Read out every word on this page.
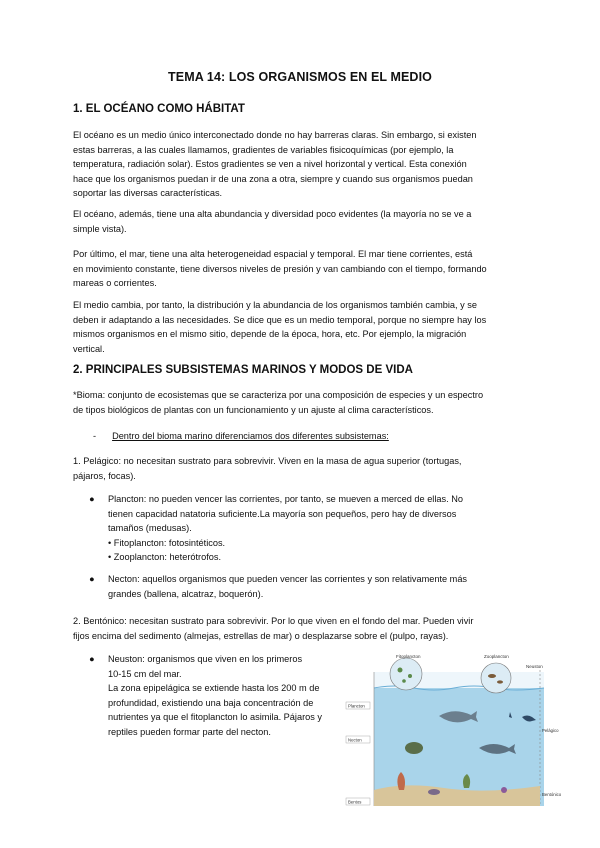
TEMA 14: LOS ORGANISMOS EN EL MEDIO
1. EL OCÉANO COMO HÁBITAT
El océano es un medio único interconectado donde no hay barreras claras. Sin embargo, si existen
estas barreras, a las cuales llamamos, gradientes de variables fisicoquímicas (por ejemplo, la
temperatura, radiación solar). Estos gradientes se ven a nivel horizontal y vertical. Esta conexión
hace que los organismos puedan ir de una zona a otra, siempre y cuando sus organismos puedan
soportar las diversas características.
El océano, además, tiene una alta abundancia y diversidad poco evidentes (la mayoría no se ve a
simple vista).
Por último, el mar, tiene una alta heterogeneidad espacial y temporal. El mar tiene corrientes, está
en movimiento constante, tiene diversos niveles de presión y van cambiando con el tiempo, formando
mareas o corrientes.
El medio cambia, por tanto, la distribución y la abundancia de los organismos también cambia, y se
deben ir adaptando a las necesidades. Se dice que es un medio temporal, porque no siempre hay los
mismos organismos en el mismo sitio, depende de la época, hora, etc. Por ejemplo, la migración
vertical.
2. PRINCIPALES SUBSISTEMAS MARINOS Y MODOS DE VIDA
*Bioma: conjunto de ecosistemas que se caracteriza por una composición de especies y un espectro
de tipos biológicos de plantas con un funcionamiento y un ajuste al clima característicos.
- Dentro del bioma marino diferenciamos dos diferentes subsistemas:
1. Pelágico: no necesitan sustrato para sobrevivir. Viven en la masa de agua superior (tortugas,
pájaros, focas).
● Plancton: no pueden vencer las corrientes, por tanto, se mueven a merced de ellas. No
tienen capacidad natatoria suficiente.La mayoría son pequeños, pero hay de diversos
tamaños (medusas).
• Fitoplancton: fotosintéticos.
• Zooplancton: heterótrofos.
● Necton: aquellos organismos que pueden vencer las corrientes y son relativamente más
grandes (ballena, alcatraz, boquerón).
2. Bentónico: necesitan sustrato para sobrevivir. Por lo que viven en el fondo del mar. Pueden vivir
fijos encima del sedimento (almejas, estrellas de mar) o desplazarse sobre el (pulpo, rayas).
● Neuston: organismos que viven en los primeros
10-15 cm del mar.
La zona epipelágica se extiende hasta los 200 m de
profundidad, existiendo una baja concentración de
nutrientes ya que el fitoplancton lo asimila. Pájaros y
reptiles pueden formar parte del necton.
Fitoplancton	Zooplancton
Neuston
Plancton
Necton
Bentos
Pelágico
Bentónico
